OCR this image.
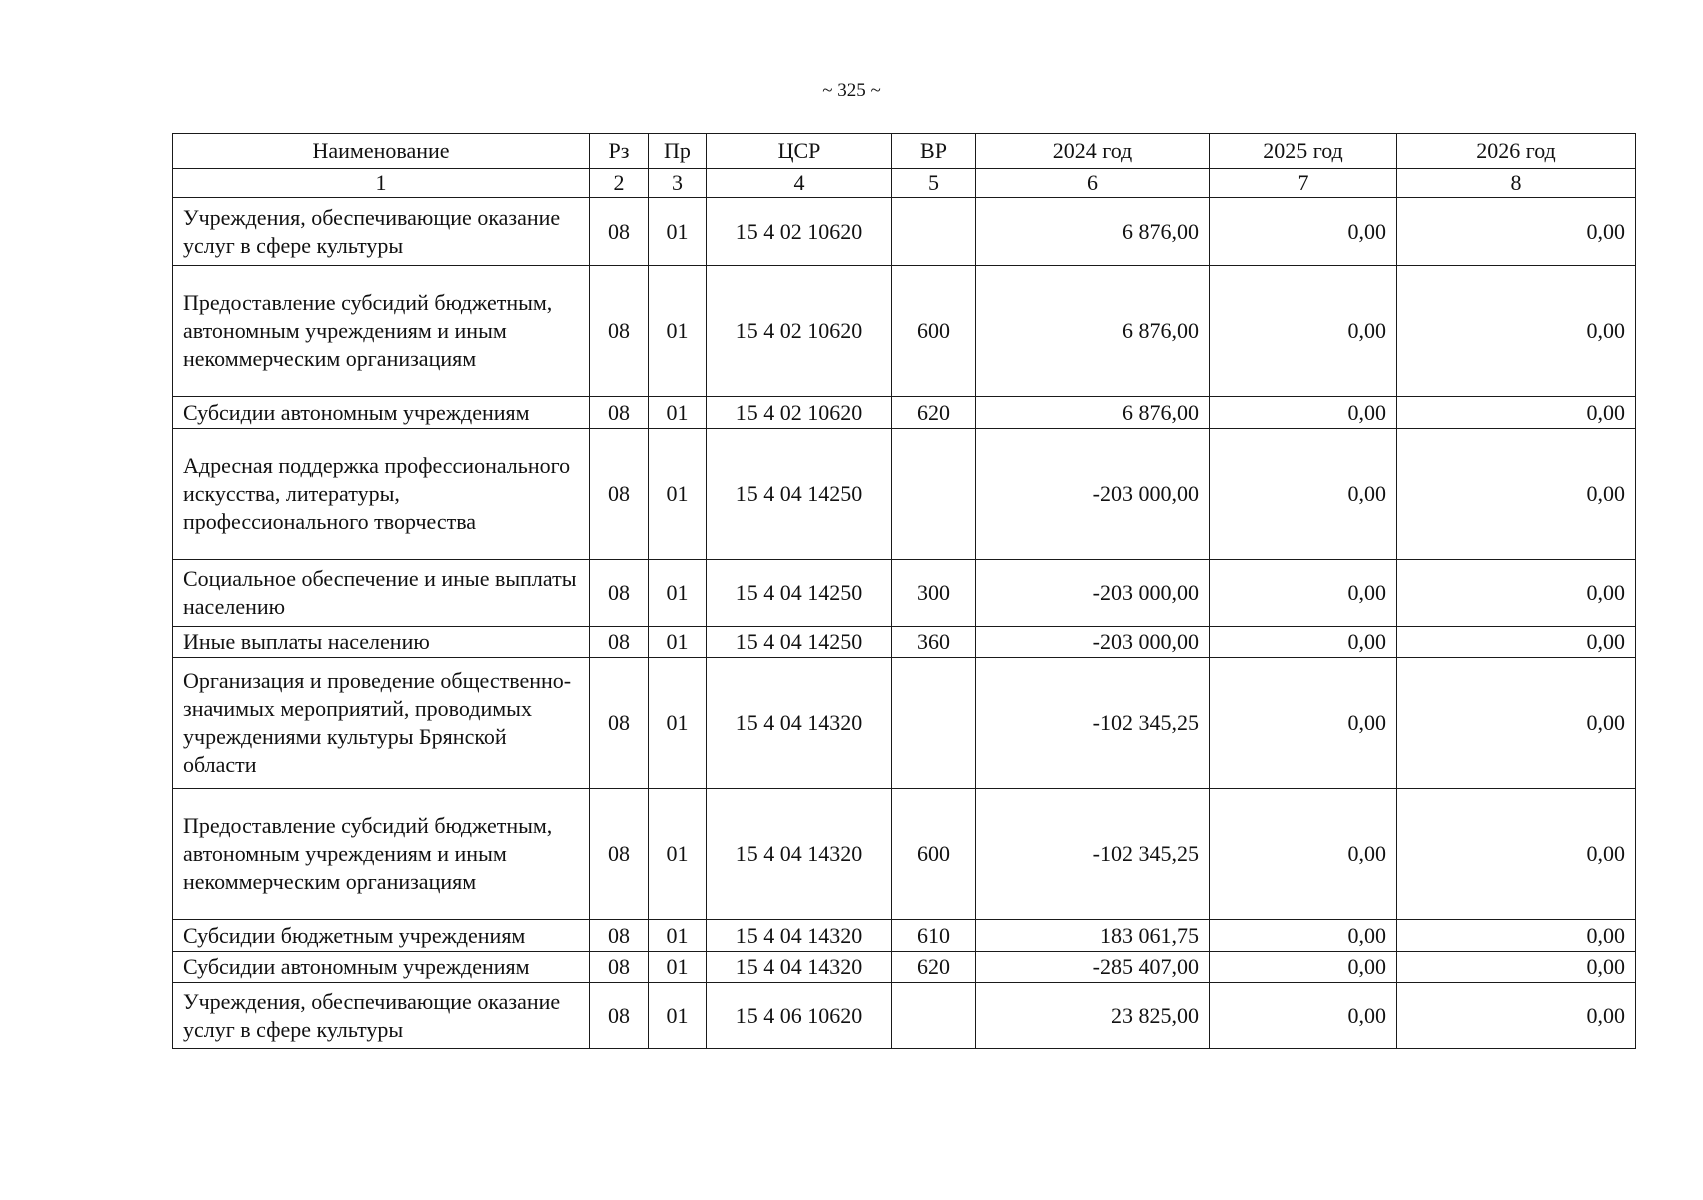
~ 325 ~
Наименование	Рз	Пр	ЦСР	ВР	2024 год	2025 год	2026 год
1	2	3	4	5	6	7	8
Учреждения, обеспечивающие оказание услуг в сфере культуры	08	01	15 4 02 10620		6 876,00	0,00	0,00
Предоставление субсидий бюджетным, автономным учреждениям и иным некоммерческим организациям	08	01	15 4 02 10620	600	6 876,00	0,00	0,00
Субсидии автономным учреждениям	08	01	15 4 02 10620	620	6 876,00	0,00	0,00
Адресная поддержка профессионального искусства, литературы, профессионального творчества	08	01	15 4 04 14250		-203 000,00	0,00	0,00
Социальное обеспечение и иные выплаты населению	08	01	15 4 04 14250	300	-203 000,00	0,00	0,00
Иные выплаты населению	08	01	15 4 04 14250	360	-203 000,00	0,00	0,00
Организация и проведение общественно-значимых мероприятий, проводимых учреждениями культуры Брянской области	08	01	15 4 04 14320		-102 345,25	0,00	0,00
Предоставление субсидий бюджетным, автономным учреждениям и иным некоммерческим организациям	08	01	15 4 04 14320	600	-102 345,25	0,00	0,00
Субсидии бюджетным учреждениям	08	01	15 4 04 14320	610	183 061,75	0,00	0,00
Субсидии автономным учреждениям	08	01	15 4 04 14320	620	-285 407,00	0,00	0,00
Учреждения, обеспечивающие оказание услуг в сфере культуры	08	01	15 4 06 10620		23 825,00	0,00	0,00
